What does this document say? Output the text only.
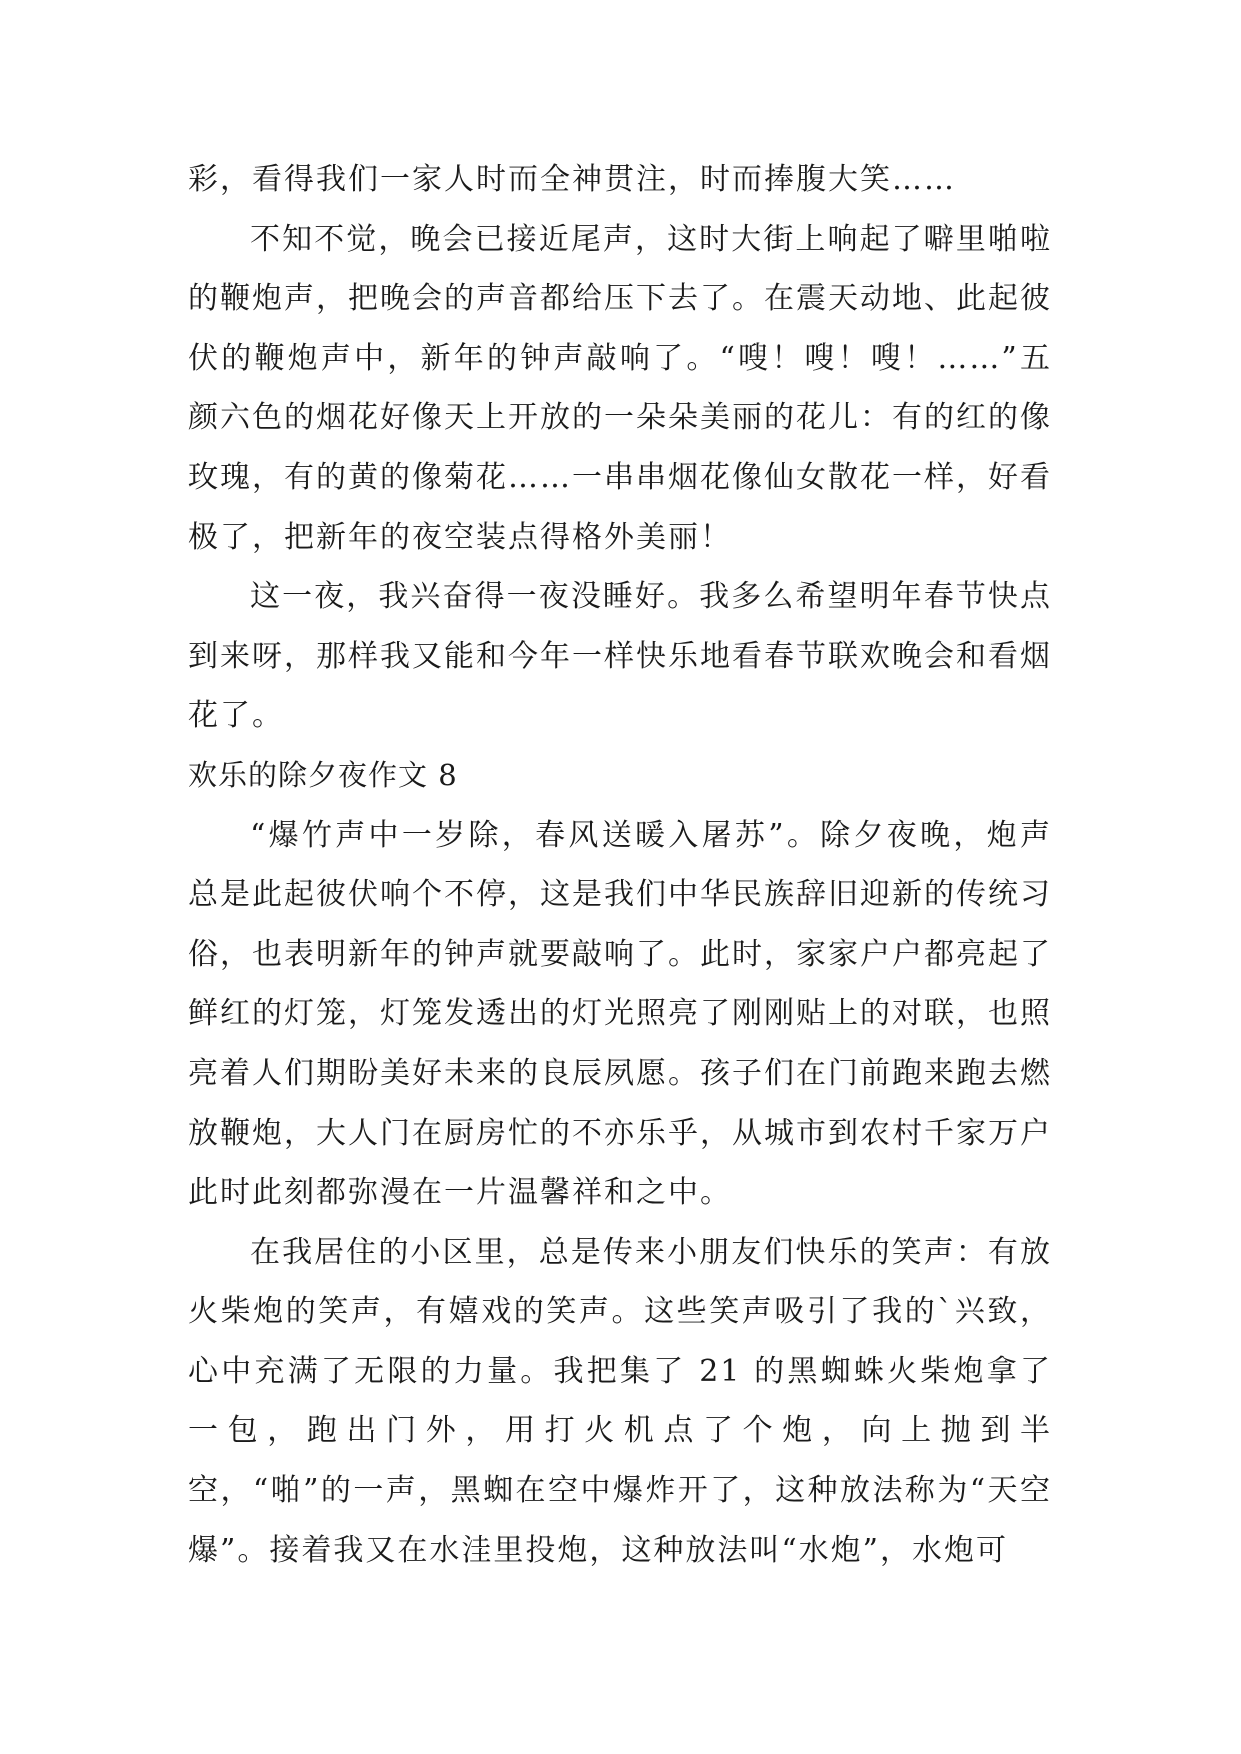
彩，看得我们一家人时而全神贯注，时而捧腹大笑……

不知不觉，晚会已接近尾声，这时大街上响起了噼里啪啦的鞭炮声，把晚会的声音都给压下去了。在震天动地、此起彼伏的鞭炮声中，新年的钟声敲响了。“嗖！嗖！嗖！……”五颜六色的烟花好像天上开放的一朵朵美丽的花儿：有的红的像玫瑰，有的黄的像菊花……一串串烟花像仙女散花一样，好看极了，把新年的夜空装点得格外美丽！

这一夜，我兴奋得一夜没睡好。我多么希望明年春节快点到来呀，那样我又能和今年一样快乐地看春节联欢晚会和看烟花了。

欢乐的除夕夜作文 8

“爆竹声中一岁除，春风送暖入屠苏”。除夕夜晚，炮声总是此起彼伏响个不停，这是我们中华民族辞旧迎新的传统习俗，也表明新年的钟声就要敲响了。此时，家家户户都亮起了鲜红的灯笼，灯笼发透出的灯光照亮了刚刚贴上的对联，也照亮着人们期盼美好未来的良辰夙愿。孩子们在门前跑来跑去燃放鞭炮，大人门在厨房忙的不亦乐乎，从城市到农村千家万户此时此刻都弥漫在一片温馨祥和之中。

在我居住的小区里，总是传来小朋友们快乐的笑声：有放火柴炮的笑声，有嬉戏的笑声。这些笑声吸引了我的`兴致，心中充满了无限的力量。我把集了 21 的黑蜘蛛火柴炮拿了一包，跑出门外，用打火机点了个炮，向上抛到半空，“啪”的一声，黑蜘在空中爆炸开了，这种放法称为“天空爆”。接着我又在水洼里投炮，这种放法叫“水炮”，水炮可
